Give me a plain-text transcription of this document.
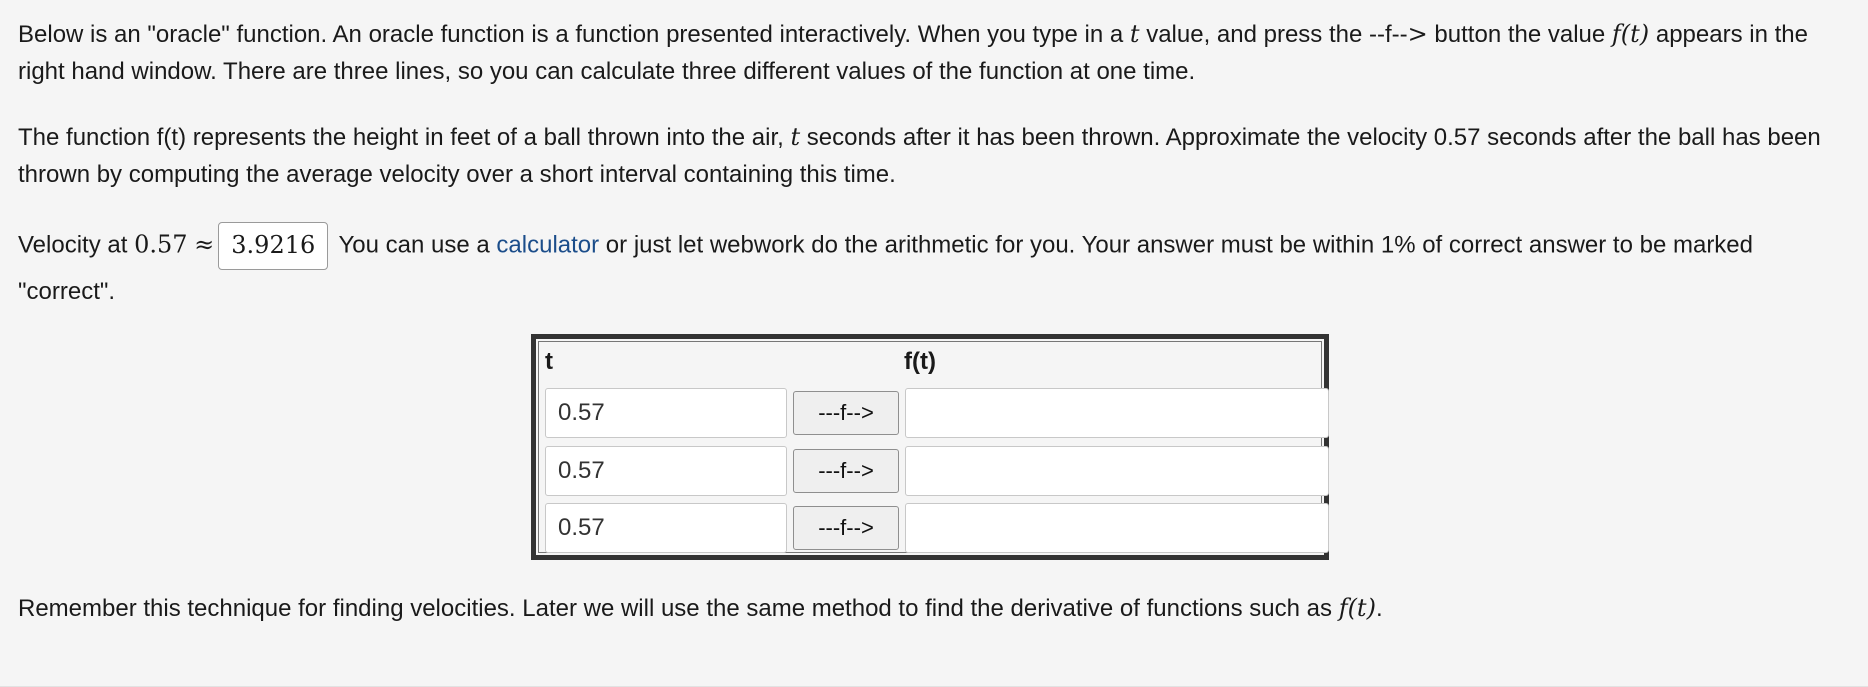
Below is an "oracle" function. An oracle function is a function presented interactively. When you type in a t value, and press the --f--> button the value f(t) appears in the right hand window. There are three lines, so you can calculate three different values of the function at one time.

The function f(t) represents the height in feet of a ball thrown into the air, t seconds after it has been thrown. Approximate the velocity 0.57 seconds after the ball has been thrown by computing the average velocity over a short interval containing this time.

Velocity at 0.57 ≈ 3.9216 You can use a calculator or just let webwork do the arithmetic for you. Your answer must be within 1% of correct answer to be marked "correct".

t	f(t)
0.57
---f-->
0.57
---f-->
0.57
---f-->

Remember this technique for finding velocities. Later we will use the same method to find the derivative of functions such as f(t).
